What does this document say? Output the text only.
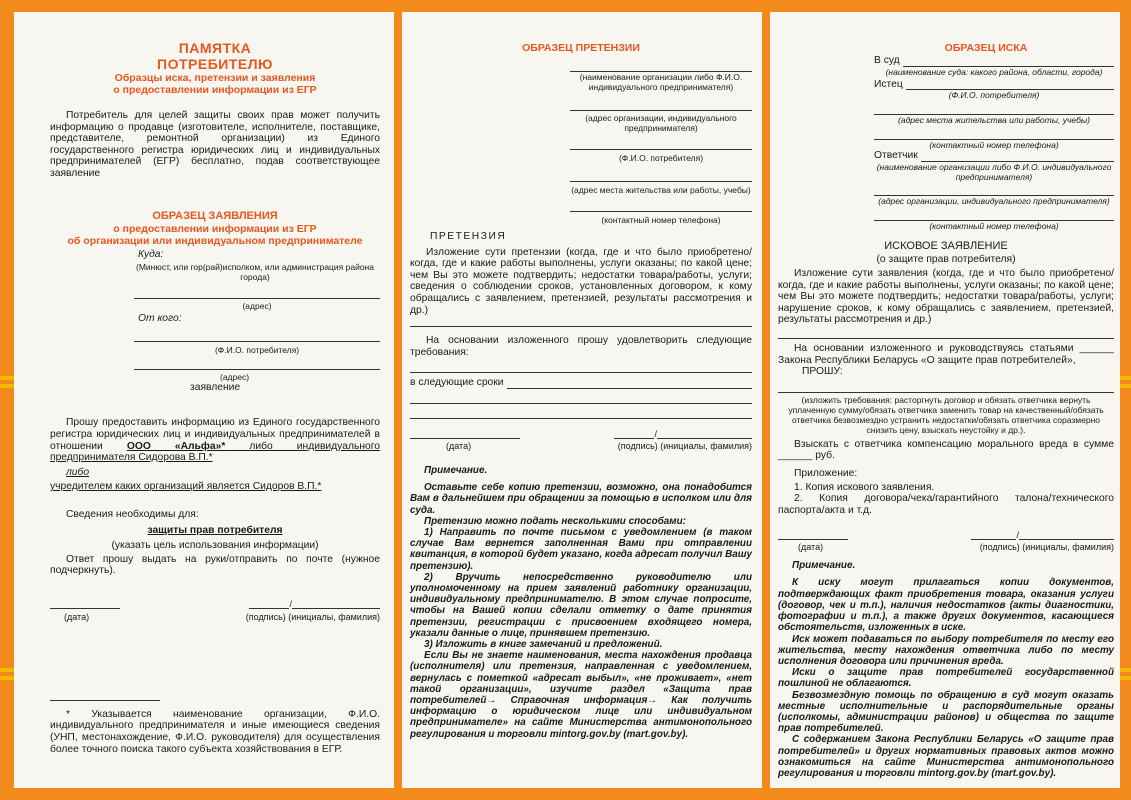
ПАМЯТКА
ПОТРЕБИТЕЛЮ
Образцы иска, претензии и заявления
о предоставлении информации из ЕГР
Потребитель для целей защиты своих прав может получить информацию о продавце (изготовителе, исполнителе, поставщике, представителе, ремонтной организации) из Единого государственного регистра юридических лиц и индивидуальных предпринимателей (ЕГР) бесплатно, подав соответствующее заявление
ОБРАЗЕЦ ЗАЯВЛЕНИЯ
о предоставлении информации из ЕГР
об организации или индивидуальном предпринимателе
Куда:
(Минюст, или гор(рай)исполком, или администрация района города)
(адрес)
От кого:
(Ф.И.О. потребителя)
(адрес)
заявление
Прошу предоставить информацию из Единого государственного регистра юридических лиц и индивидуальных предпринимателей в отношении ООО «Альфа»* либо индивидуального предпринимателя Сидорова В.П.*
либо
учредителем каких организаций является Сидоров В.П.*
Сведения необходимы для:
защиты прав потребителя
(указать цель использования информации)
Ответ прошу выдать на руки/отправить по почте (нужное подчеркнуть).
/
(дата)	(подпись) (инициалы, фамилия)
* Указывается наименование организации, Ф.И.О. индивидуального предпринимателя и иные имеющиеся сведения (УНП, местонахождение, Ф.И.О. руководителя) для осуществления более точного поиска такого субъекта хозяйствования в ЕГР.
ОБРАЗЕЦ ПРЕТЕНЗИИ
(наименование организации либо Ф.И.О. индивидуального предпринимателя)
(адрес организации, индивидуального предпринимателя)
(Ф.И.О. потребителя)
(адрес места жительства или работы, учебы)
(контактный номер телефона)
ПРЕТЕНЗИЯ
Изложение сути претензии (когда, где и что было приобретено/когда, где и какие работы выполнены, услуги оказаны; по какой цене; чем Вы это можете подтвердить; недостатки товара/работы, услуги; сведения о соблюдении сроков, установленных договором, к кому обращались с заявлением, претензией, результаты рассмотрения и др.)
На основании изложенного прошу удовлетворить следующие требования:
в следующие сроки
/
(дата)	(подпись) (инициалы, фамилия)

Примечание.

Оставьте себе копию претензии, возможно, она понадобится Вам в дальнейшем при обращении за помощью в исполком или для суда.

Претензию можно подать несколькими способами:

1) Направить по почте письмом с уведомлением (в таком случае Вам вернется заполненная Вами при отправлении квитанция, в которой будет указано, когда адресат получил Вашу претензию).

2) Вручить непосредственно руководителю или уполномоченному на прием заявлений работнику организации, индивидуальному предпринимателю. В этом случае попросите, чтобы на Вашей копии сделали отметку о дате принятия претензии, регистрации с присвоением входящего номера, указали данные о лице, принявшем претензию.

3) Изложить в книге замечаний и предложений.

Если Вы не знаете наименования, места нахождения продавца (исполнителя) или претензия, направленная с уведомлением, вернулась с пометкой «адресат выбыл», «не проживает», «нет такой организации», изучите раздел «Защита прав потребителей→ Справочная информация→ Как получить информацию о юридическом лице или индивидуальном предпринимателе» на сайте Министерства антимонопольного регулирования и торговли mintorg.gov.by (mart.gov.by).

ОБРАЗЕЦ ИСКА
В суд
(наименование суда: какого района, области, города)
Истец
(Ф.И.О. потребителя)
(адрес места жительства или работы, учебы)
(контактный номер телефона)
Ответчик
(наименование организации либо Ф.И.О. индивидуального предпринимателя)
(адрес организации, индивидуального предпринимателя)
(контактный номер телефона)
ИСКОВОЕ ЗАЯВЛЕНИЕ
(о защите прав потребителя)
Изложение сути заявления (когда, где и что было приобретено/когда, где и какие работы выполнены, услуги оказаны; по какой цене; чем Вы это можете подтвердить; недостатки товара/работы, услуги; нарушение сроков, к кому обращались с заявлением, претензией, результаты рассмотрения и др.)
На основании изложенного и руководствуясь статьями ______ Закона Республики Беларусь «О защите прав потребителей»,
ПРОШУ:
(изложить требования: расторгнуть договор и обязать ответчика вернуть уплаченную сумму/обязать ответчика заменить товар на качественный/обязать ответчика безвозмездно устранить недостатки/обязать ответчика соразмерно снизить цену, взыскать неустойку и др.).
Взыскать с ответчика компенсацию морального вреда в сумме ______ руб.
Приложение:
1. Копия искового заявления.
2. Копия договора/чека/гарантийного талона/технического паспорта/акта и т.д.
/
(дата)	(подпись) (инициалы, фамилия)

Примечание.

К иску могут прилагаться копии документов, подтверждающих факт приобретения товара, оказания услуги (договор, чек и т.п.), наличия недостатков (акты диагностики, фотографии и т.п.), а также других документов, касающиеся обстоятельств, изложенных в иске.

Иск может подаваться по выбору потребителя по месту его жительства, месту нахождения ответчика либо по месту исполнения договора или причинения вреда.

Иски о защите прав потребителей государственной пошлиной не облагаются.

Безвозмездную помощь по обращению в суд могут оказать местные исполнительные и распорядительные органы (исполкомы, администрации районов) и общества по защите прав потребителей.

С содержанием Закона Республики Беларусь «О защите прав потребителей» и других нормативных правовых актов можно ознакомиться на сайте Министерства антимонопольного регулирования и торговли mintorg.gov.by (mart.gov.by).
